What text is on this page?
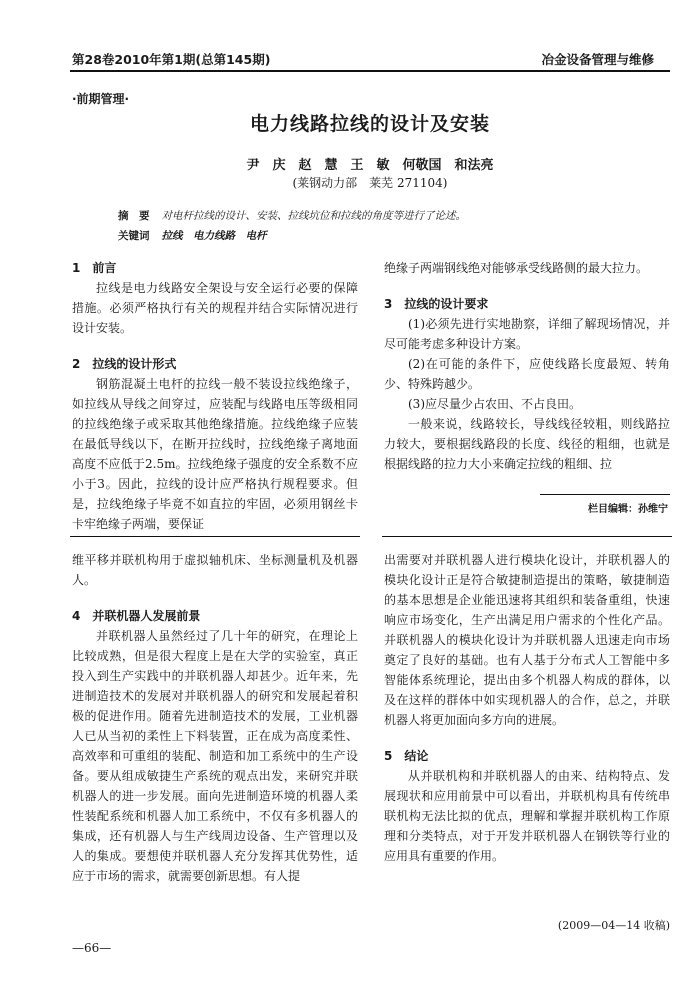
第28卷2010年第1期(总第145期)	冶金设备管理与维修
·前期管理·
电力线路拉线的设计及安装
尹　庆　赵　慧　王　敏　何敬国　和法亮
(莱钢动力部　莱芜 271104)
摘　要 对电杆拉线的设计、安装、拉线坑位和拉线的角度等进行了论述。
关键词 拉线　电力线路　电杆

1　前言

拉线是电力线路安全架设与安全运行必要的保障措施。必须严格执行有关的规程并结合实际情况进行设计安装。

2　拉线的设计形式

钢筋混凝土电杆的拉线一般不装设拉线绝缘子，如拉线从导线之间穿过，应装配与线路电压等级相同的拉线绝缘子或采取其他绝缘措施。拉线绝缘子应装在最低导线以下，在断开拉线时，拉线绝缘子离地面高度不应低于2.5m。拉线绝缘子强度的安全系数不应小于3。因此，拉线的设计应严格执行规程要求。但是，拉线绝缘子毕竟不如直拉的牢固，必须用钢丝卡卡牢绝缘子两端，要保证

绝缘子两端钢线绝对能够承受线路侧的最大拉力。

3　拉线的设计要求

(1)必须先进行实地勘察，详细了解现场情况，并尽可能考虑多种设计方案。

(2)在可能的条件下，应使线路长度最短、转角少、特殊跨越少。

(3)应尽量少占农田、不占良田。

一般来说，线路较长，导线线径较粗，则线路拉力较大，要根据线路段的长度、线径的粗细，也就是根据线路的拉力大小来确定拉线的粗细、拉

栏目编辑：孙维宁

维平移并联机构用于虚拟轴机床、坐标测量机及机器人。

4　并联机器人发展前景

并联机器人虽然经过了几十年的研究，在理论上比较成熟，但是很大程度上是在大学的实验室，真正投入到生产实践中的并联机器人却甚少。近年来，先进制造技术的发展对并联机器人的研究和发展起着积极的促进作用。随着先进制造技术的发展，工业机器人已从当初的柔性上下料装置，正在成为高度柔性、高效率和可重组的装配、制造和加工系统中的生产设备。要从组成敏捷生产系统的观点出发，来研究并联机器人的进一步发展。面向先进制造环境的机器人柔性装配系统和机器人加工系统中，不仅有多机器人的集成，还有机器人与生产线周边设备、生产管理以及人的集成。要想使并联机器人充分发挥其优势性，适应于市场的需求，就需要创新思想。有人提

出需要对并联机器人进行模块化设计，并联机器人的模块化设计正是符合敏捷制造提出的策略，敏捷制造的基本思想是企业能迅速将其组织和装备重组，快速响应市场变化，生产出满足用户需求的个性化产品。并联机器人的模块化设计为并联机器人迅速走向市场奠定了良好的基础。也有人基于分布式人工智能中多智能体系统理论，提出由多个机器人构成的群体，以及在这样的群体中如实现机器人的合作，总之，并联机器人将更加面向多方向的进展。

5　结论

从并联机构和并联机器人的由来、结构特点、发展现状和应用前景中可以看出，并联机构具有传统串联机构无法比拟的优点，理解和掌握并联机构工作原理和分类特点，对于开发并联机器人在钢铁等行业的应用具有重要的作用。

(2009—04—14 收稿)
—66—
